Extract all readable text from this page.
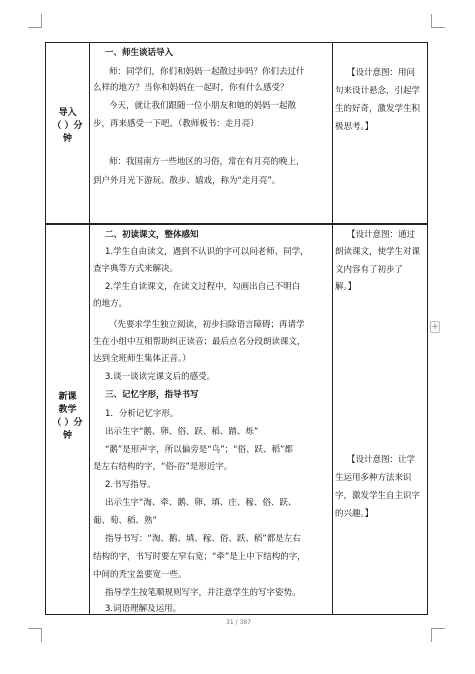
导入
（ ）分
钟
一、师生谈话导入
师：同学们，你们和妈妈一起散过步吗？你们去过什
么样的地方？当你和妈妈在一起时，你有什么感受？
今天，就让我们跟随一位小朋友和她的妈妈一起散
步，再来感受一下吧。（教师板书：走月亮）
师：我国南方一些地区的习俗，常在有月亮的晚上，
到户外月光下游玩、散步、嬉戏，称为“走月亮”。
【设计意图：用问
句来设计悬念，引起学
生的好奇，激发学生积
极思考。】
新课
教学
（ ）分
钟
二、初读课文，整体感知
1.学生自由读文，遇到不认识的字可以问老师、同学，
查字典等方式来解决。
2.学生自读课文，在读文过程中，勾画出自己不明白
的地方。
（先要求学生独立阅读，初步扫除语言障碍；再请学
生在小组中互相帮助纠正读音；最后点名分段朗读课文，
达到全班师生集体正音。）
3.谈一谈读完课文后的感受。
三、记忆字形，指导书写
1．分析记忆字形。
出示生字“鹅、卵、俗、跃、稻、踏、烁”
“鹅”是形声字，所以偏旁是“鸟”；“俗、跃、稻”都
是左右结构的字，“俗-浴”是形近字。
2.书写指导。
出示生字“淘、牵、鹅、卵、填、庄、稼、俗、跃、
葡、萄、稻、熟”
指导书写：“淘、鹅、填、稼、俗、跃、稻”都是左右
结构的字，书写时要左窄右宽；“牵”是上中下结构的字，
中间的秃宝盖要宽一些。
指导学生按笔顺规则写字，并注意学生的写字姿势。
3.词语理解及运用。
【设计意图：通过
朗读课文，使学生对课
文内容有了初步了
解。】
【设计意图：让学
生运用多种方法来识
字，激发学生自主识字
的兴趣。】
+
31 / 387
